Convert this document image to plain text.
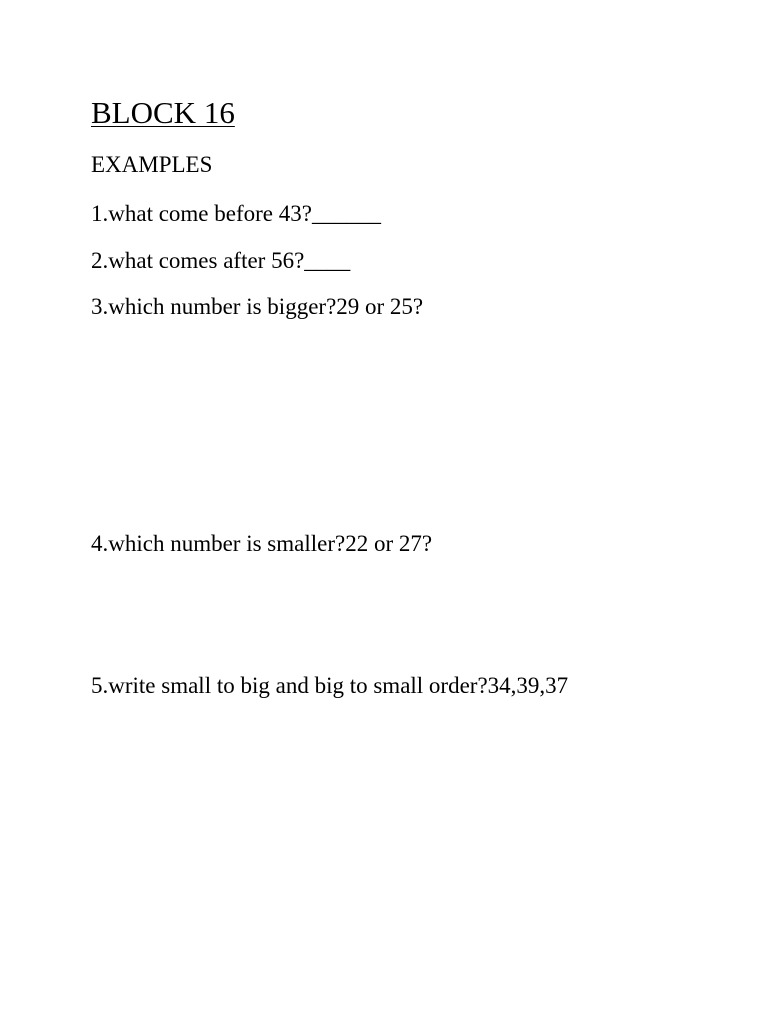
BLOCK 16
EXAMPLES
1.what come before 43?______
2.what comes after 56?____
3.which number is bigger?29 or 25?
4.which number is smaller?22 or 27?
5.write small to big and big to small order?34,39,37
